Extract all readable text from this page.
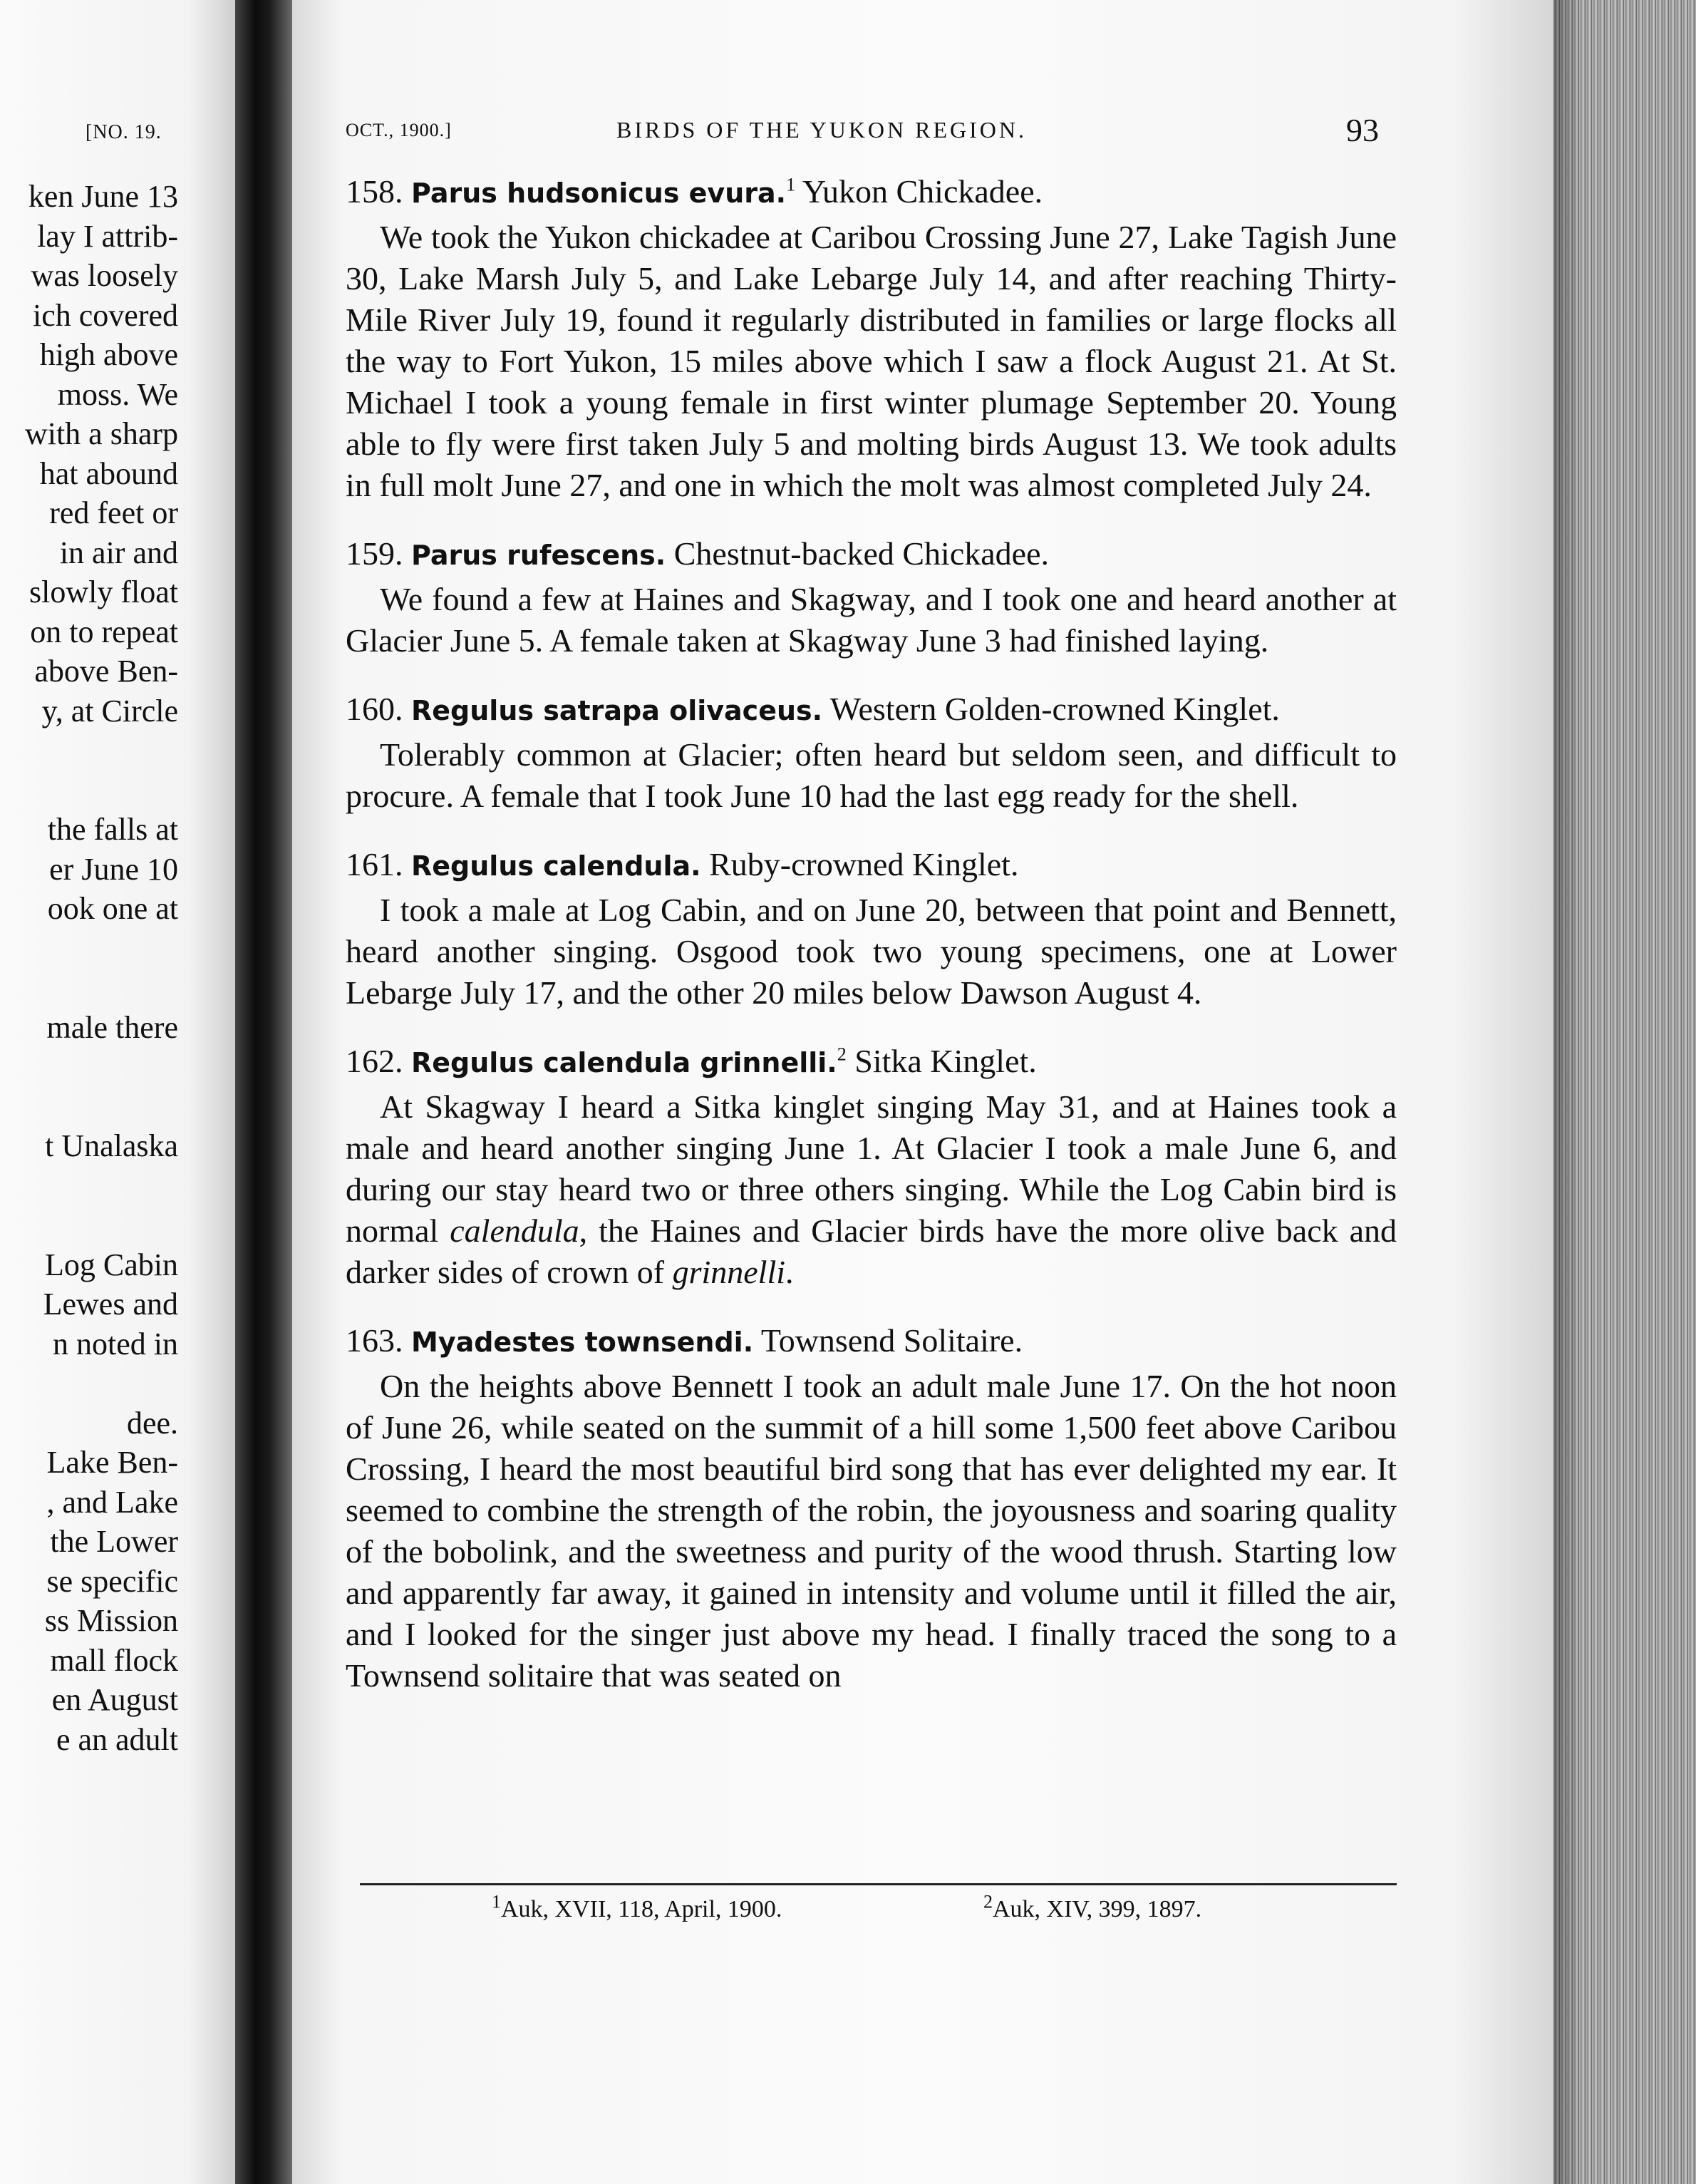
[NO. 19.
ken June 13
lay I attrib-
was loosely
ich covered
high above
moss. We
with a sharp
hat abound
red feet or
in air and
slowly float
on to repeat
above Ben-
y, at Circle
the falls at
er June 10
ook one at
male there
t Unalaska
Log Cabin
Lewes and
n noted in
dee.
Lake Ben-
, and Lake
the Lower
se specific
ss Mission
mall flock
en August
e an adult
OCT., 1900.]	BIRDS OF THE YUKON REGION.	93
158. Parus hudsonicus evura.$^1$ Yukon Chickadee.

We took the Yukon chickadee at Caribou Crossing June 27, Lake Tagish June 30, Lake Marsh July 5, and Lake Lebarge July 14, and after reaching Thirty-Mile River July 19, found it regularly distributed in families or large flocks all the way to Fort Yukon, 15 miles above which I saw a flock August 21. At St. Michael I took a young female in first winter plumage September 20. Young able to fly were first taken July 5 and molting birds August 13. We took adults in full molt June 27, and one in which the molt was almost completed July 24.

159. Parus rufescens. Chestnut-backed Chickadee.

We found a few at Haines and Skagway, and I took one and heard another at Glacier June 5. A female taken at Skagway June 3 had finished laying.

160. Regulus satrapa olivaceus. Western Golden-crowned Kinglet.

Tolerably common at Glacier; often heard but seldom seen, and difficult to procure. A female that I took June 10 had the last egg ready for the shell.

161. Regulus calendula. Ruby-crowned Kinglet.

I took a male at Log Cabin, and on June 20, between that point and Bennett, heard another singing. Osgood took two young specimens, one at Lower Lebarge July 17, and the other 20 miles below Dawson August 4.

162. Regulus calendula grinnelli.$^2$ Sitka Kinglet.

At Skagway I heard a Sitka kinglet singing May 31, and at Haines took a male and heard another singing June 1. At Glacier I took a male June 6, and during our stay heard two or three others singing. While the Log Cabin bird is normal calendula, the Haines and Glacier birds have the more olive back and darker sides of crown of grinnelli.

163. Myadestes townsendi. Townsend Solitaire.

On the heights above Bennett I took an adult male June 17. On the hot noon of June 26, while seated on the summit of a hill some 1,500 feet above Caribou Crossing, I heard the most beautiful bird song that has ever delighted my ear. It seemed to combine the strength of the robin, the joyousness and soaring quality of the bobolink, and the sweetness and purity of the wood thrush. Starting low and apparently far away, it gained in intensity and volume until it filled the air, and I looked for the singer just above my head. I finally traced the song to a Townsend solitaire that was seated on

$^1$Auk, XVII, 118, April, 1900.	$^2$Auk, XIV, 399, 1897.
